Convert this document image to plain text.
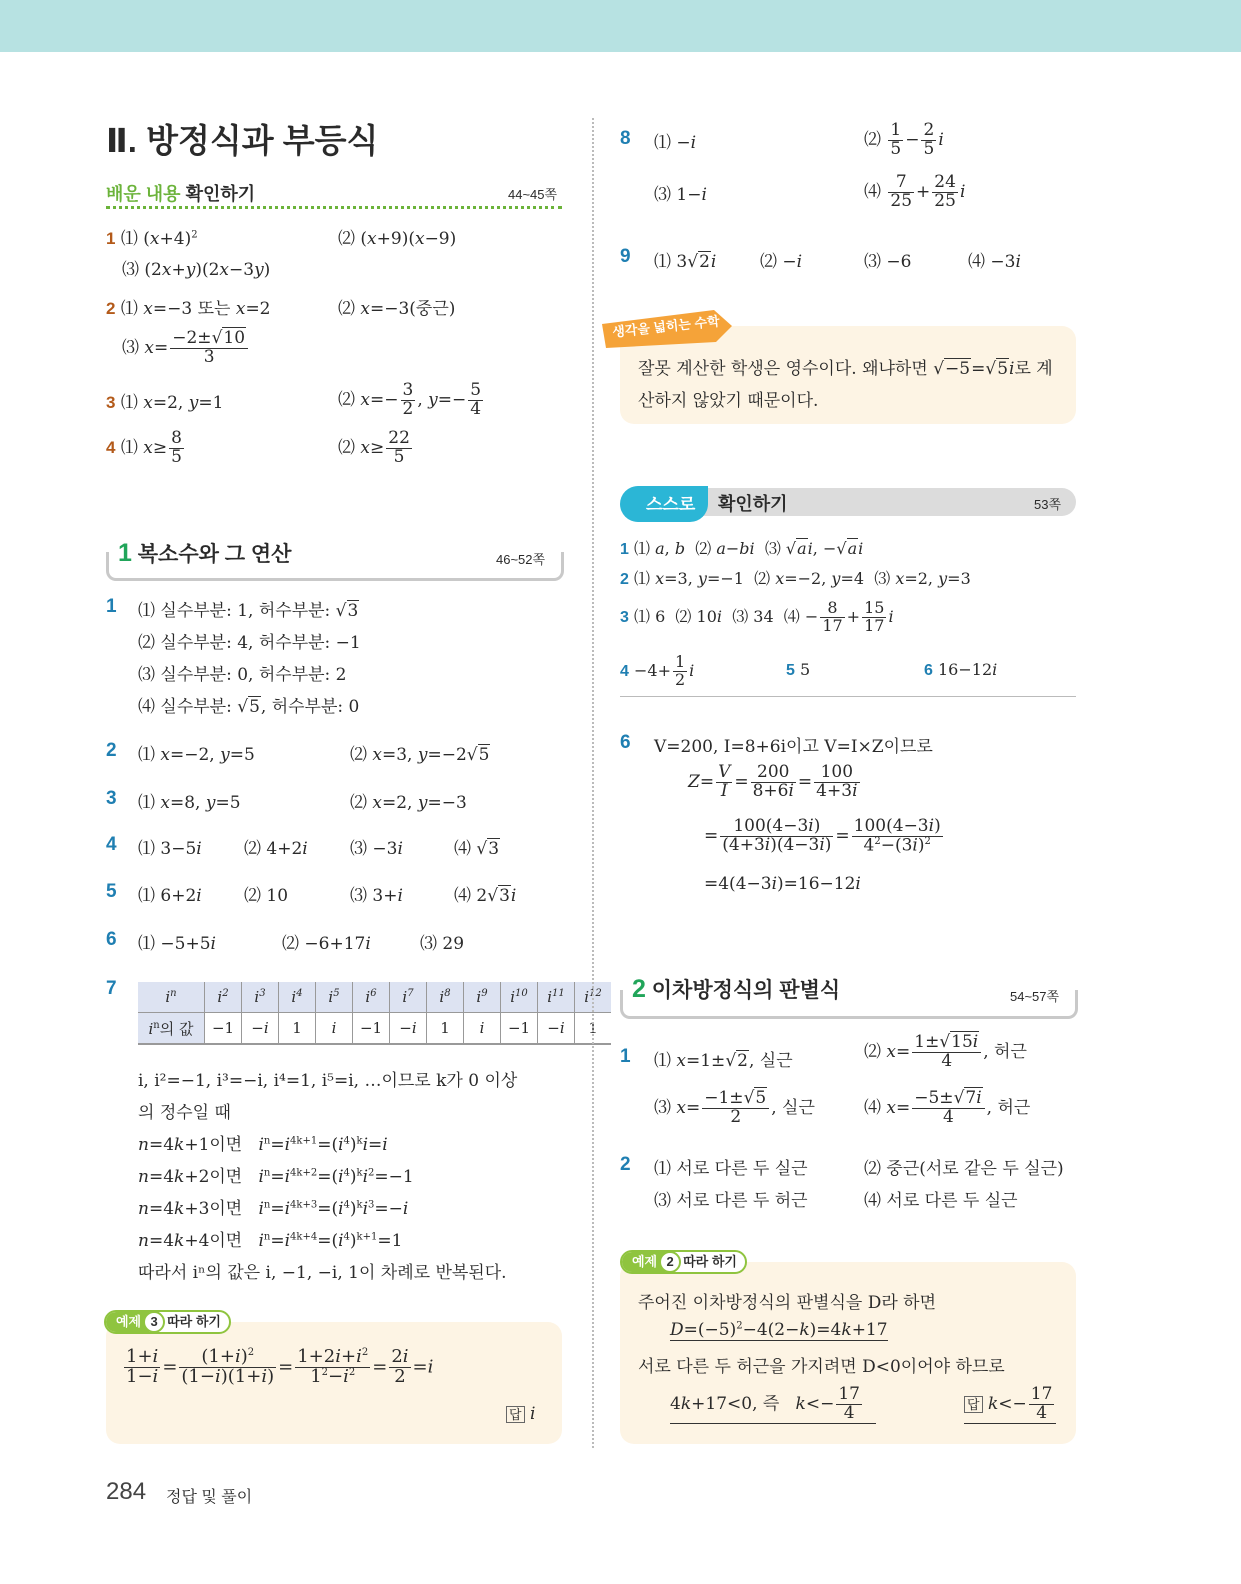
Ⅱ. 방정식과 부등식
배운 내용 확인하기	44~45쪽
1 ⑴ $(x+4)^2$	⑵ (x+9)(x−9)
⑶ (2x+y)(2x−3y)
2 ⑴ x=−3 또는 x=2	⑵ x=−3(중근)
⑶ $x= \frac{-2\pm√10}{3}$
3 ⑴ x=2, y=1	⑵ $x=- \frac{3}{2}$ , $y=- \frac{5}{4}$
4 ⑴ $x\ge \frac{8}{5}$	⑵ $x\ge \frac{22}{5}$
1 복소수와 그 연산	46~52쪽
1 ⑴ 실수부분: 1, 허수부분: √3
⑵ 실수부분: 4, 허수부분: −1
⑶ 실수부분: 0, 허수부분: 2
⑷ 실수부분: √5, 허수부분: 0
2 ⑴ x=−2, y=5	⑵ x=3, y=−2√5
3 ⑴ x=8, y=5	⑵ x=2, y=−3
4 ⑴ 3−5i ⑵ 4+2i ⑶ −3i	⑷ √3
5 ⑴ 6+2i ⑵ 10	⑶ 3+i	⑷ 2√3i
6 ⑴ −5+5i	⑵ −6+17i	⑶ 29
7	$i^n$	$i^2$	$i^3$	$i^4$	$i^5$	$i^6$	$i^7$	$i^8$	$i^9$	$i^{10}$	$i^{11}$	$i^{12}$
$i^n$의 값	−1	−i	1	i	−1	−i	1	i	−1	−i	1
i, i²=−1, i³=−i, i⁴=1, i⁵=i, …이므로 k가 0 이상
의 정수일 때
n=4k+1이면   $i^n=i^{4k+1}=(i^4)^ki=i$
n=4k+2이면   $i^n=i^{4k+2}=(i^4)^ki^2=-1$
n=4k+3이면   $i^n=i^{4k+3}=(i^4)^ki^3=-i$
n=4k+4이면   $i^n=i^{4k+4}=(i^4)^{k+1}=1$
따라서 iⁿ의 값은 i, −1, −i, 1이 차례로 반복된다.
예제 3 따라 하기
$\frac{1+i}{1-i} = \frac{(1+i)^2}{(1-i)(1+i)} = \frac{1+2i+i^2}{1^2-i^2} = \frac{2i}{2} =i$
답 i
284 정답 및 풀이
8 ⑴ −i	⑵ $\frac{1}{5} - \frac{2}{5}$ i
⑶ 1−i	⑷ $\frac{7}{25} + \frac{24}{25}$ i
9 ⑴ 3√2i	⑵ −i	⑶ −6	⑷ −3i
생각을 넓히는 수학
잘못 계산한 학생은 영수이다. 왜냐하면 √−5=√5i로 계
산하지 않았기 때문이다.
스스로 확인하기	53쪽
1 ⑴ a, b  ⑵ a−bi  ⑶ √ai, −√ai
2 ⑴ x=3, y=−1  ⑵ x=−2, y=4  ⑶ x=2, y=3
3 ⑴ 6  ⑵ 10i  ⑶ 34  ⑷ − $\frac{8}{17} + \frac{15}{17}$ i
$4 -4+ \frac{1}{2}$ i	5 5	6 16−12i
6 V=200, I=8+6i이고 V=I×Z이므로
$Z= \frac{V}{I} = \frac{200}{8+6i} = \frac{100}{4+3i}$
= $\frac{100(4-3i)}{(4+3i)(4-3i)} = \frac{100(4-3i)}{4^2-(3i)^2}$
=4(4−3i)=16−12i
2 이차방정식의 판별식	54~57쪽
1 ⑴ x=1±√2, 실근	⑵ $x= \frac{1\pm√15i}{4}$ , 허근
⑶ $x= \frac{-1\pm√5}{2}$ , 실근	⑷ $x= \frac{-5\pm√7i}{4}$ , 허근
2 ⑴ 서로 다른 두 실근	⑵ 중근(서로 같은 두 실근)
⑶ 서로 다른 두 허근	⑷ 서로 다른 두 실근
예제 2 따라 하기
주어진 이차방정식의 판별식을 D라 하면
$D=(-5)^2-4(2-k)=4k+17$
서로 다른 두 허근을 가지려면 D<0이어야 하므로
4k+17<0, 즉   $k<- \frac{17}{4}$	답 $k<- \frac{17}{4}$
